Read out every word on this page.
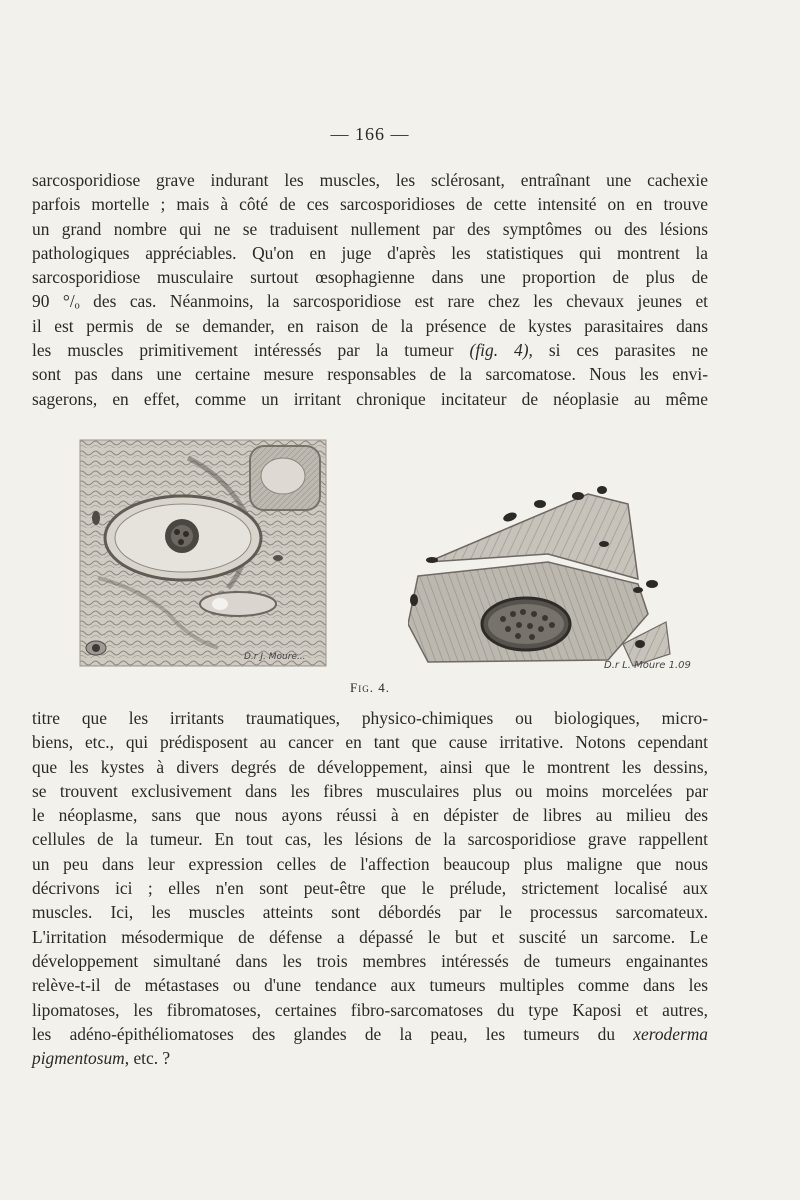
— 166 —
sarcosporidiose grave indurant les muscles, les sclérosant, entraînant une cachexie
parfois mortelle ; mais à côté de ces sarcosporidioses de cette intensité on en trouve
un grand nombre qui ne se traduisent nullement par des symptômes ou des lésions
pathologiques appréciables. Qu'on en juge d'après les statistiques qui montrent la
sarcosporidiose musculaire surtout œsophagienne dans une proportion de plus de
90 °/ₒ des cas. Néanmoins, la sarcosporidiose est rare chez les chevaux jeunes et
il est permis de se demander, en raison de la présence de kystes parasitaires dans
les muscles primitivement intéressés par la tumeur (fig. 4), si ces parasites ne
sont pas dans une certaine mesure responsables de la sarcomatose. Nous les envi-
sagerons, en effet, comme un irritant chronique incitateur de néoplasie au même
D.r J. Moure...
D.r L. Moure 1.09
Fig. 4.
titre que les irritants traumatiques, physico-chimiques ou biologiques, micro-
biens, etc., qui prédisposent au cancer en tant que cause irritative. Notons cependant
que les kystes à divers degrés de développement, ainsi que le montrent les dessins,
se trouvent exclusivement dans les fibres musculaires plus ou moins morcelées par
le néoplasme, sans que nous ayons réussi à en dépister de libres au milieu des
cellules de la tumeur. En tout cas, les lésions de la sarcosporidiose grave rappellent
un peu dans leur expression celles de l'affection beaucoup plus maligne que nous
décrivons ici ; elles n'en sont peut-être que le prélude, strictement localisé aux
muscles. Ici, les muscles atteints sont débordés par le processus sarcomateux.
L'irritation mésodermique de défense a dépassé le but et suscité un sarcome. Le
développement simultané dans les trois membres intéressés de tumeurs engainantes
relève-t-il de métastases ou d'une tendance aux tumeurs multiples comme dans les
lipomatoses, les fibromatoses, certaines fibro-sarcomatoses du type Kaposi et autres,
les adéno-épithéliomatoses des glandes de la peau, les tumeurs du xeroderma
pigmentosum, etc. ?
